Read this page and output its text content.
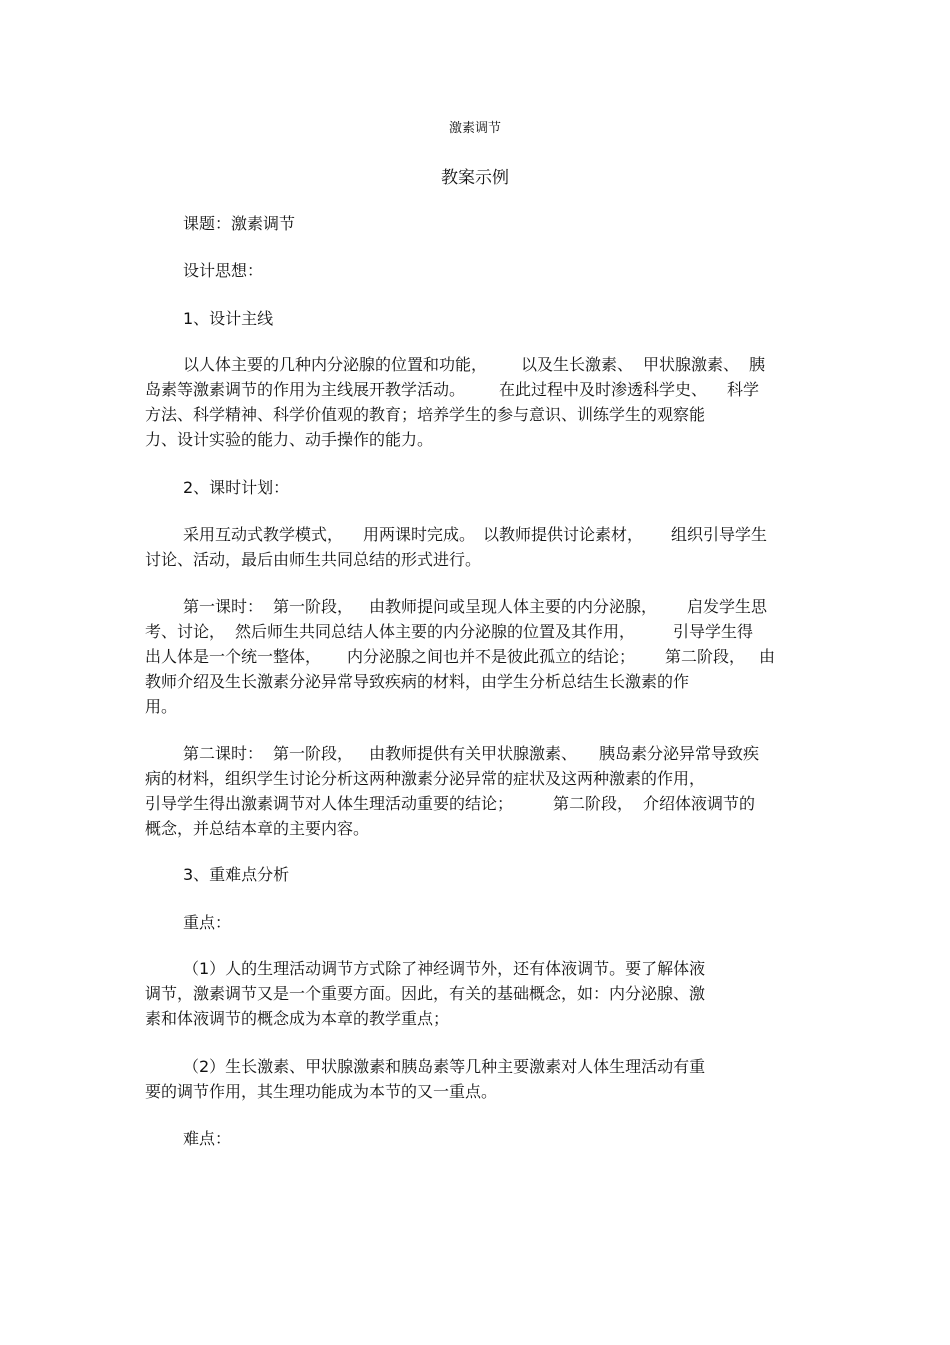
激素调节
教案示例
课题：激素调节
设计思想：
1、设计主线
以人体主要的几种内分泌腺的位置和功能， 以及生长激素、 甲状腺激素、 胰
岛素等激素调节的作用为主线展开教学活动。 在此过程中及时渗透科学史、 科学
方法、科学精神、科学价值观的教育；培养学生的参与意识、训练学生的观察能
力、设计实验的能力、动手操作的能力。
2、课时计划：
采用互动式教学模式， 用两课时完成。 以教师提供讨论素材， 组织引导学生
讨论、活动，最后由师生共同总结的形式进行。
第一课时： 第一阶段， 由教师提问或呈现人体主要的内分泌腺， 启发学生思
考、讨论， 然后师生共同总结人体主要的内分泌腺的位置及其作用， 引导学生得
出人体是一个统一整体， 内分泌腺之间也并不是彼此孤立的结论； 第二阶段， 由
教师介绍及生长激素分泌异常导致疾病的材料，由学生分析总结生长激素的作
用。
第二课时： 第一阶段， 由教师提供有关甲状腺激素、 胰岛素分泌异常导致疾
病的材料，组织学生讨论分析这两种激素分泌异常的症状及这两种激素的作用，
引导学生得出激素调节对人体生理活动重要的结论；	第二阶段， 介绍体液调节的
概念，并总结本章的主要内容。
3、重难点分析
重点：
（1）人的生理活动调节方式除了神经调节外，还有体液调节。要了解体液
调节，激素调节又是一个重要方面。因此，有关的基础概念，如：内分泌腺、激
素和体液调节的概念成为本章的教学重点；
（2）生长激素、甲状腺激素和胰岛素等几种主要激素对人体生理活动有重
要的调节作用，其生理功能成为本节的又一重点。
难点：
